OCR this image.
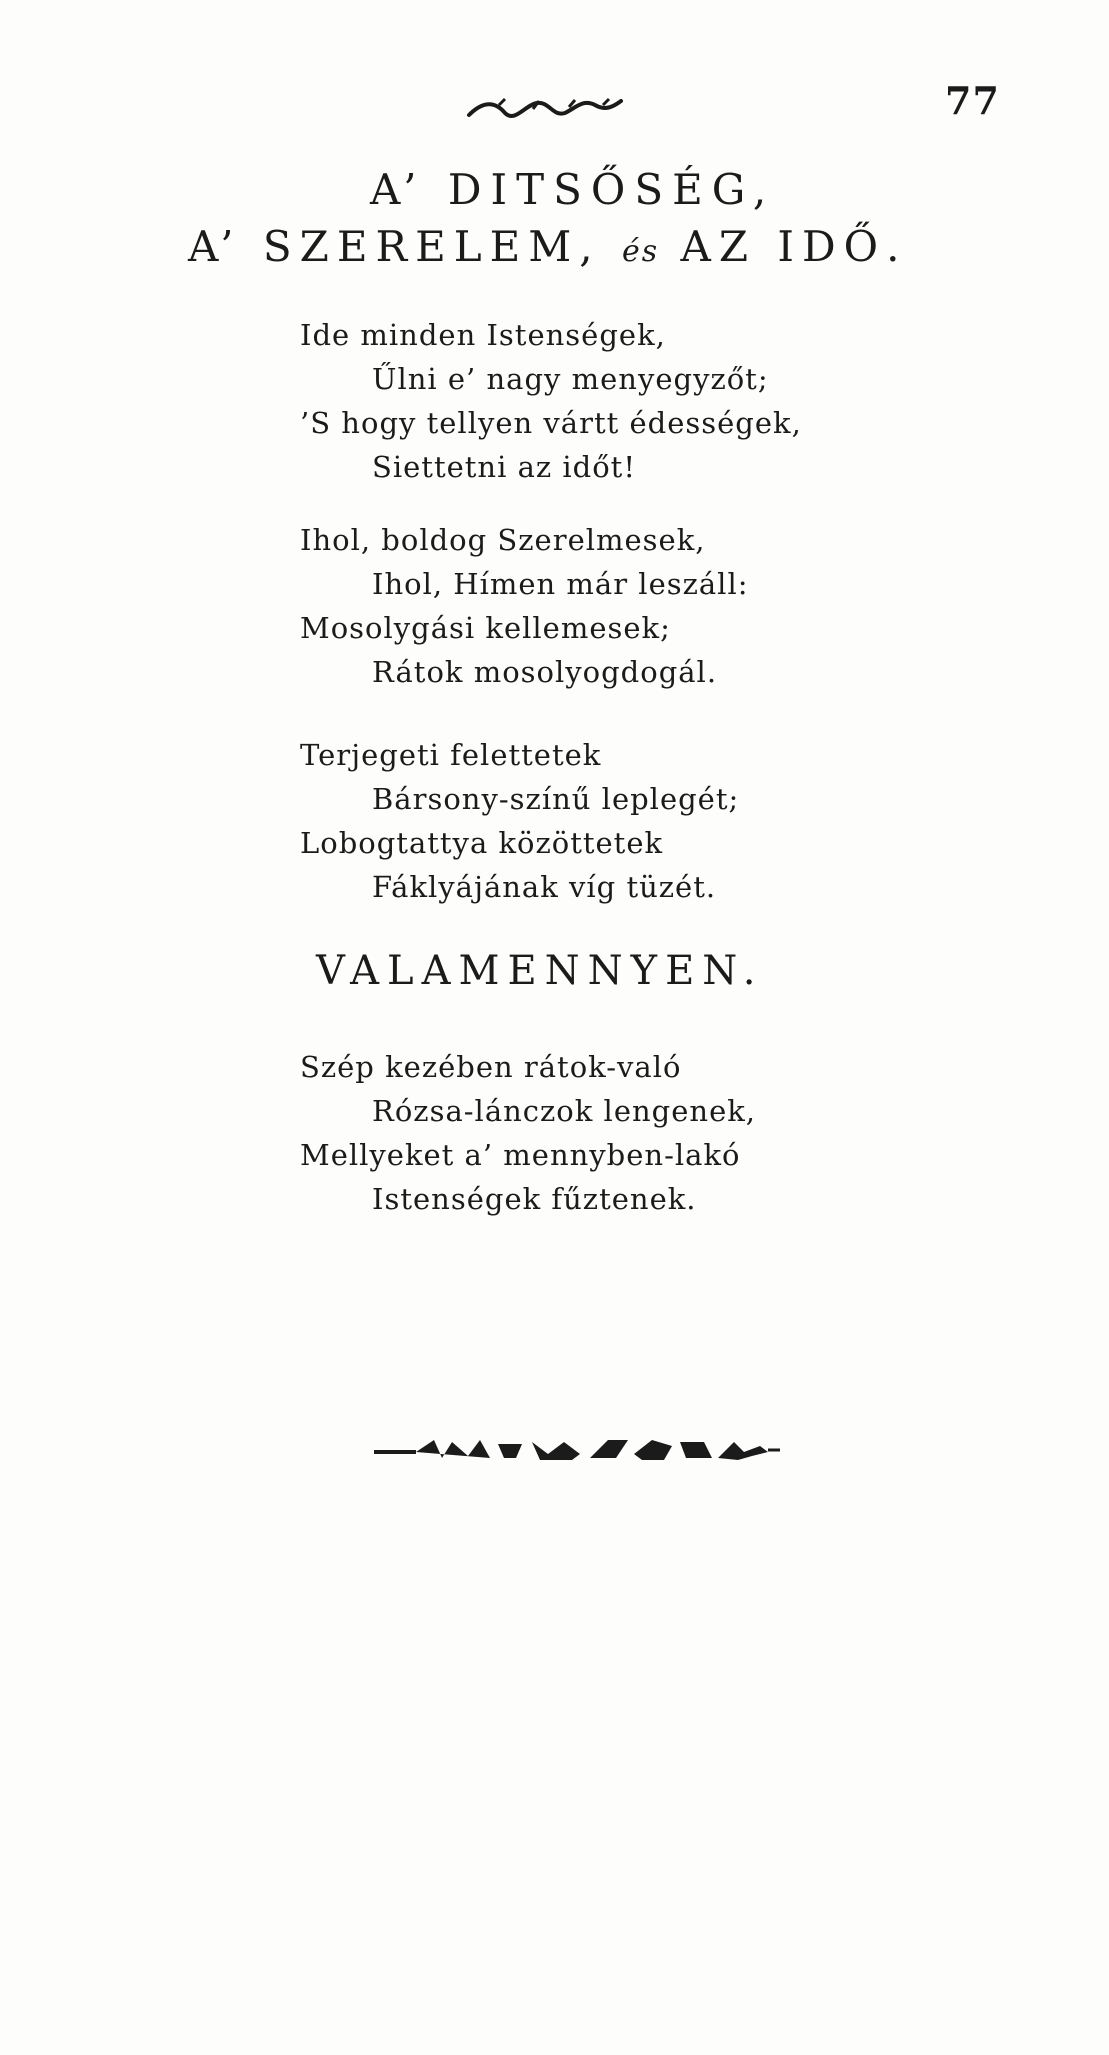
77
A’ DITSŐSÉG,
A’ SZERELEM, és AZ IDŐ.
Ide minden Istenségek,
Űlni e’ nagy menyegyzőt;
’S hogy tellyen vártt édességek,
Siettetni az időt!
Ihol, boldog Szerelmesek,
Ihol, Hímen már leszáll:
Mosolygási kellemesek;
Rátok mosolyogdogál.
Terjegeti felettetek
Bársony-színű leplegét;
Lobogtattya közöttetek
Fáklyájának víg tüzét.
VALAMENNYEN.
Szép kezében rátok-való
Rózsa-lánczok lengenek,
Mellyeket a’ mennyben-lakó
Istenségek fűztenek.
